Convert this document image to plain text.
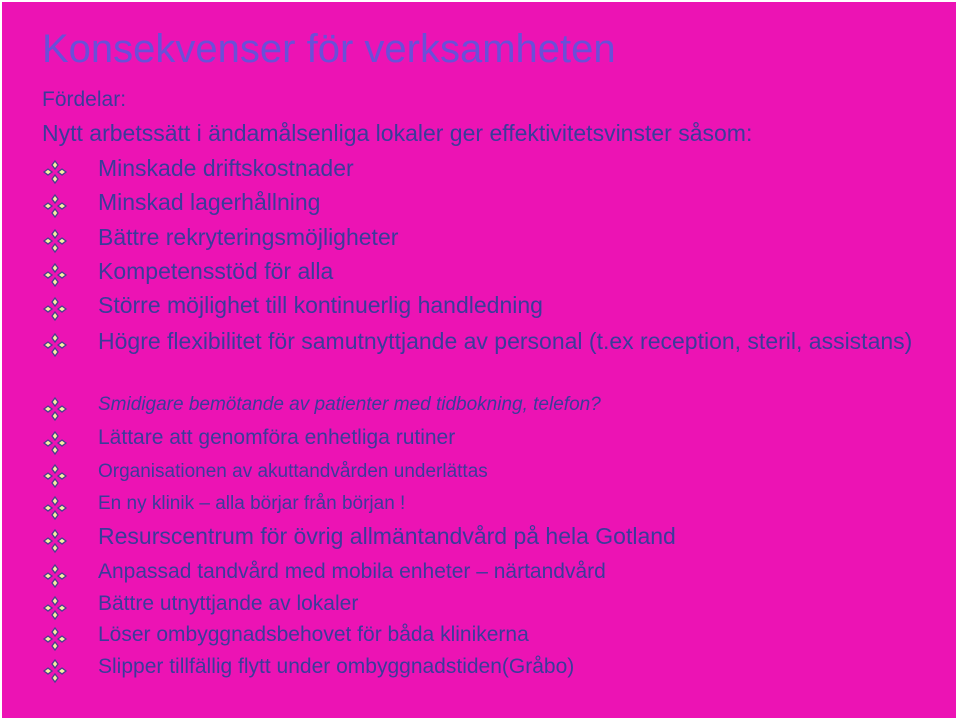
Konsekvenser för verksamheten
Fördelar:
Nytt arbetssätt i ändamålsenliga lokaler ger effektivitetsvinster såsom:
Minskade driftskostnader
Minskad lagerhållning
Bättre rekryteringsmöjligheter
Kompetensstöd för alla
Större möjlighet till kontinuerlig handledning
Högre flexibilitet för samutnyttjande av personal (t.ex reception, steril, assistans)
Smidigare bemötande av patienter med tidbokning, telefon?
Lättare att genomföra enhetliga rutiner
Organisationen av akuttandvården underlättas
En ny klinik – alla börjar från början !
Resurscentrum för övrig allmäntandvård på hela Gotland
Anpassad tandvård med mobila enheter – närtandvård
Bättre utnyttjande av lokaler
Löser ombyggnadsbehovet för båda klinikerna
Slipper tillfällig flytt under ombyggnadstiden(Gråbo)
